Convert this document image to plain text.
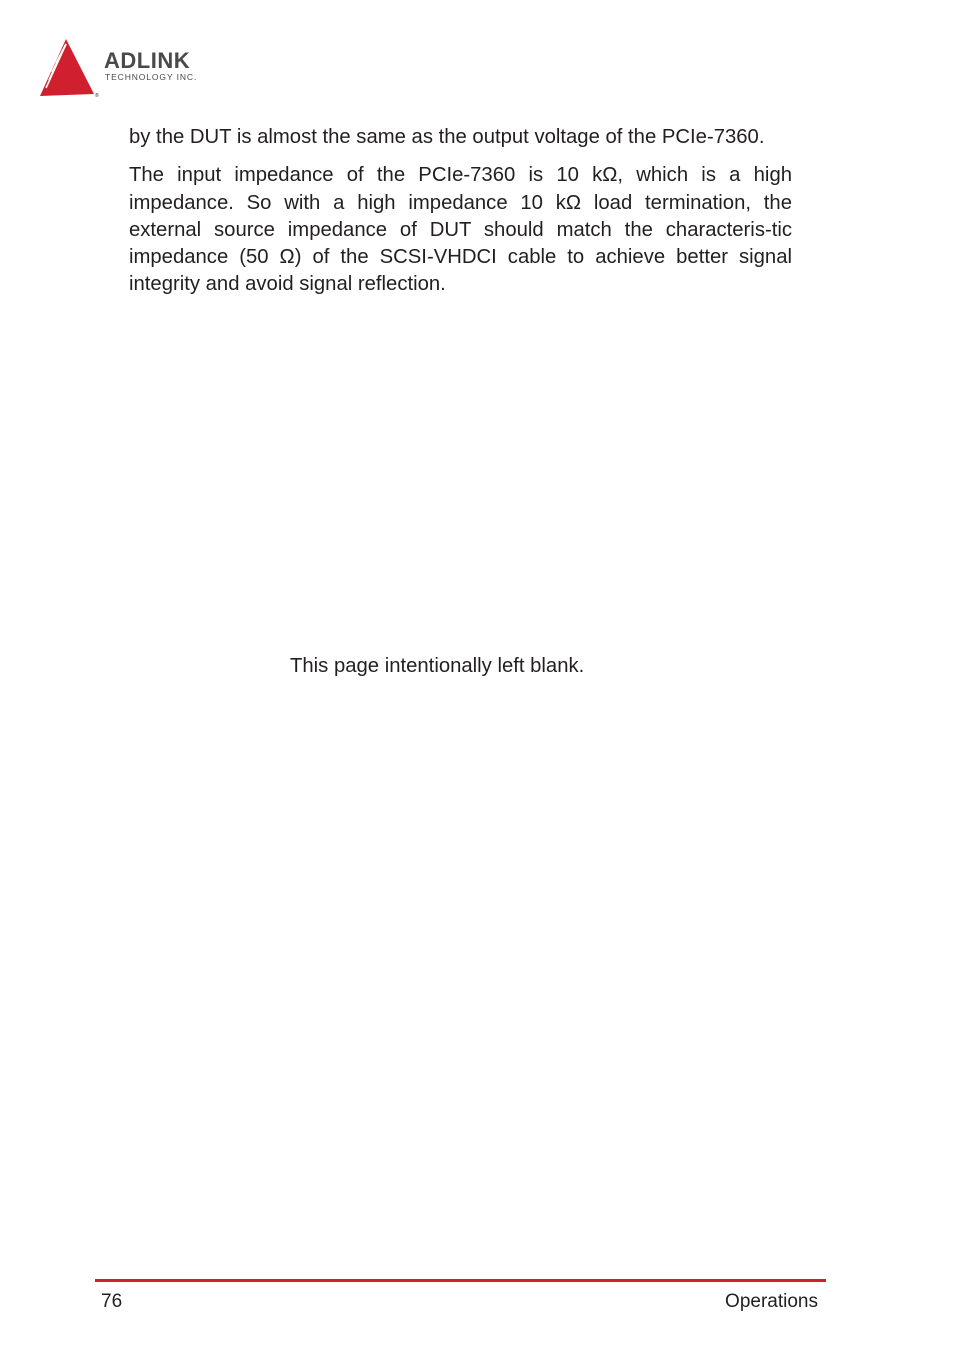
®
ADLINK
TECHNOLOGY INC.

by the DUT is almost the same as the output voltage of the PCIe-7360.

The input impedance of the PCIe-7360 is 10 kΩ, which is a high impedance. So with a high impedance 10 kΩ load termination, the external source impedance of DUT should match the characteris-tic impedance (50 Ω) of the SCSI-VHDCI cable to achieve better signal integrity and avoid signal reflection.

This page intentionally left blank.
76	Operations
